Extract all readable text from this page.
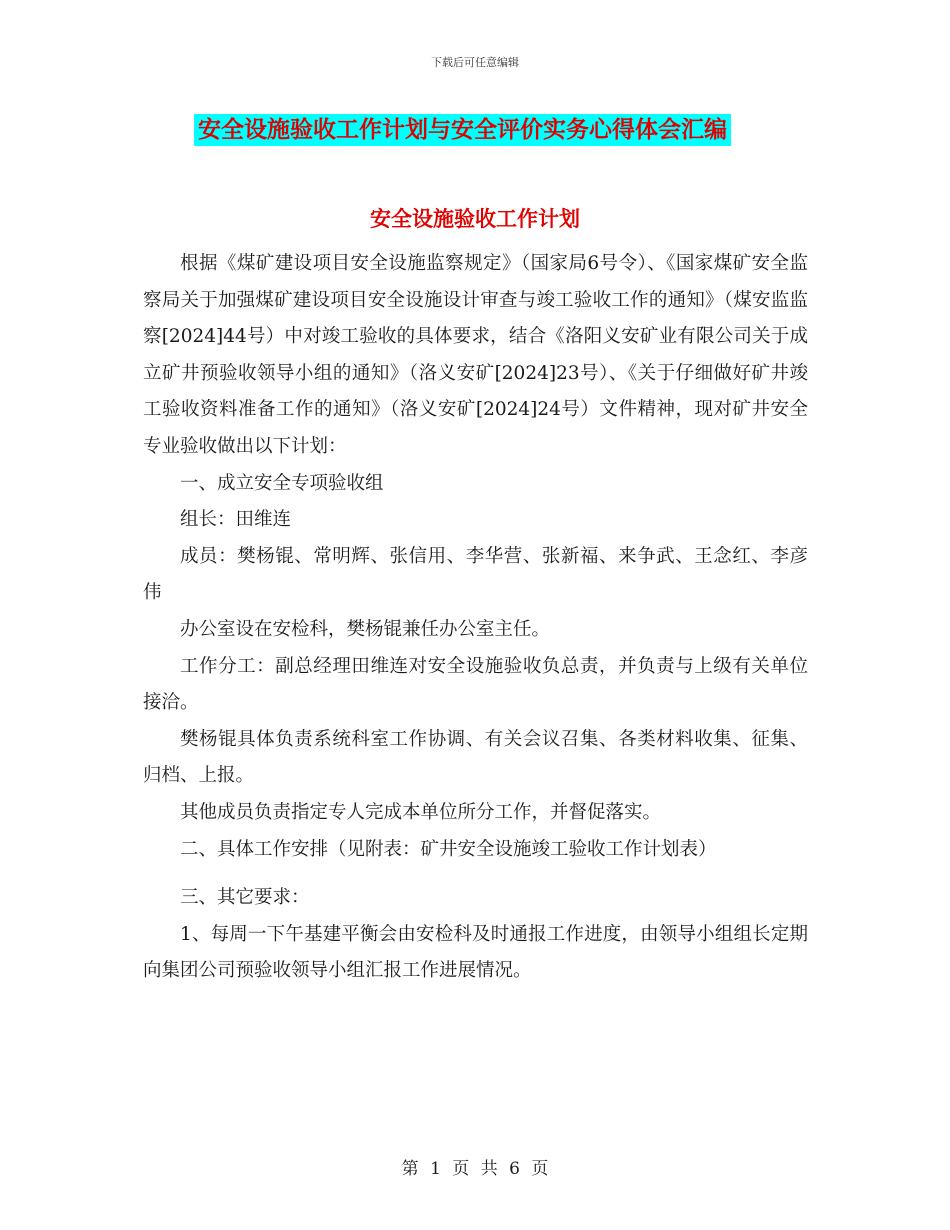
下载后可任意编辑
安全设施验收工作计划与安全评价实务心得体会汇编
安全设施验收工作计划

根据《煤矿建设项目安全设施监察规定》（国家局6号令）、《国家煤矿安全监察局关于加强煤矿建设项目安全设施设计审查与竣工验收工作的通知》（煤安监监察[2024]44号）中对竣工验收的具体要求，结合《洛阳义安矿业有限公司关于成立矿井预验收领导小组的通知》（洛义安矿[2024]23号）、《关于仔细做好矿井竣工验收资料准备工作的通知》（洛义安矿[2024]24号）文件精神，现对矿井安全专业验收做出以下计划：

一、成立安全专项验收组

组长：田维连

成员：樊杨锟、常明辉、张信用、李华营、张新福、来争武、王念红、李彦伟

办公室设在安检科，樊杨锟兼任办公室主任。

工作分工：副总经理田维连对安全设施验收负总责，并负责与上级有关单位接洽。

樊杨锟具体负责系统科室工作协调、有关会议召集、各类材料收集、征集、归档、上报。

其他成员负责指定专人完成本单位所分工作，并督促落实。

二、具体工作安排（见附表：矿井安全设施竣工验收工作计划表）

三、其它要求：

1、每周一下午基建平衡会由安检科及时通报工作进度，由领导小组组长定期向集团公司预验收领导小组汇报工作进展情况。

第 1 页 共 6 页
